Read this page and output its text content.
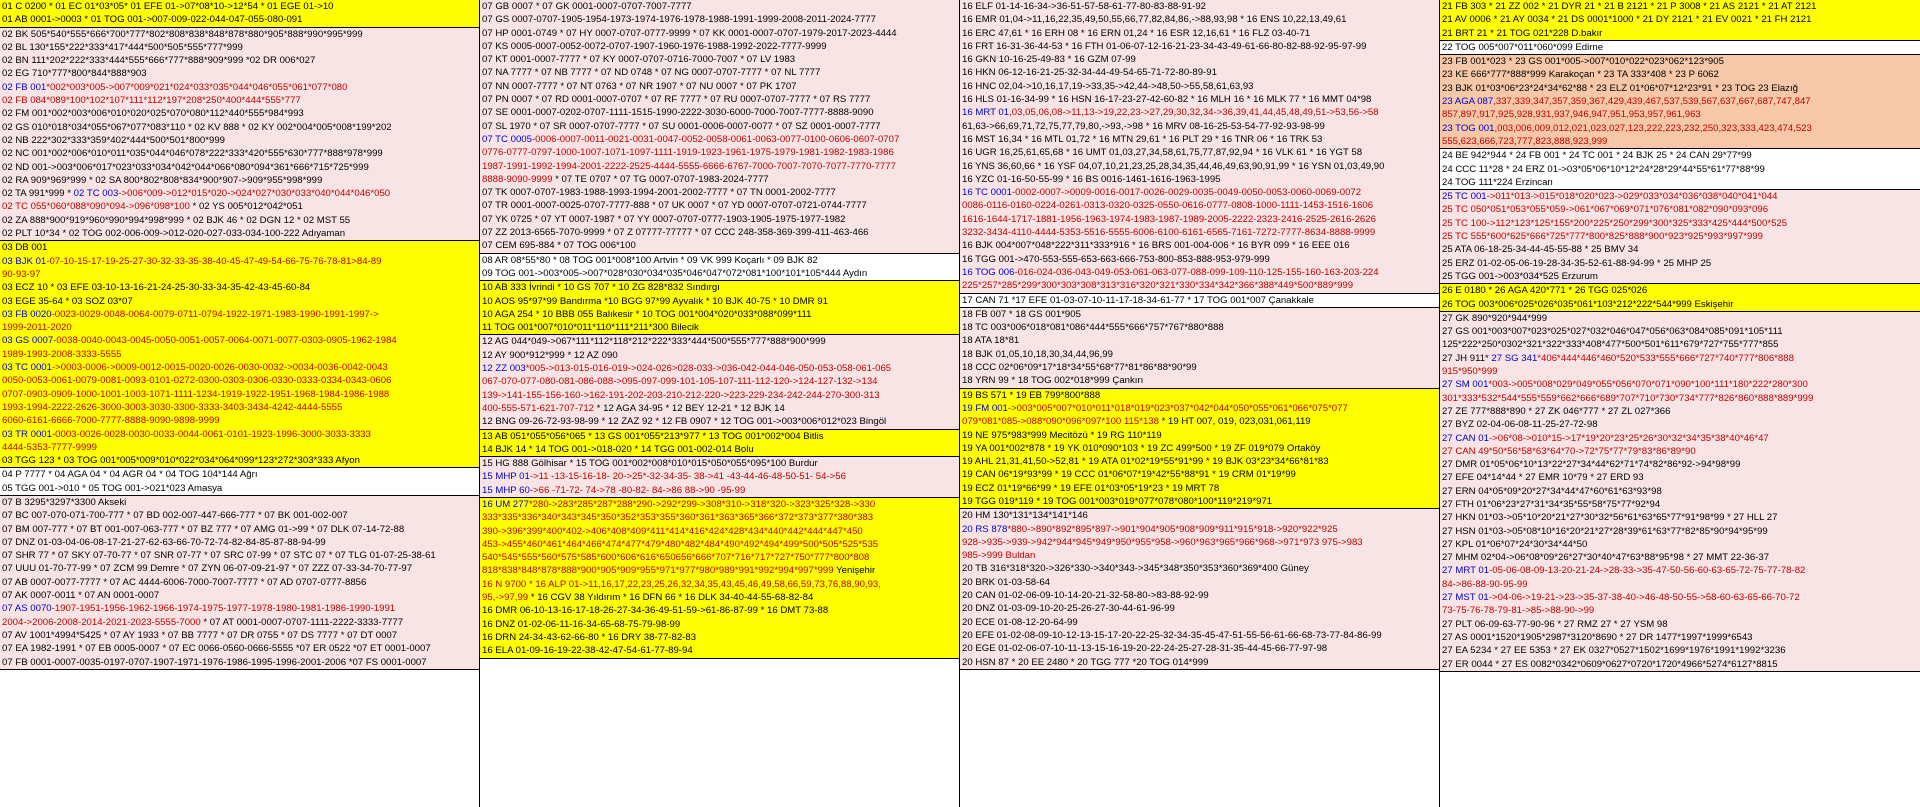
01 C 0200 * 01 EC 01*03*05* 01 EFE 01->07*08*10->12*54 * 01 EGE 01->10
01 AB 0001->0003 * 01 TOG 001->007-009-022-044-047-055-080-091
02 BK 505*540*555*666*700*777*802*808*838*848*878*880*905*888*990*995*999
02 BL 130*155*222*333*417*444*500*505*555*777*999
02 BN 111*202*222*333*444*555*666*777*888*909*999 *02 DR 006*027
02 EG 710*777*800*844*888*903
02 FB 001*002*003*005->007*009*021*024*033*035*044*046*055*061*077*080
02 FB 084*089*100*102*107*111*112*197*208*250*400*444*555*777
02 FM 001*002*003*006*010*020*025*070*080*112*440*555*984*993
02 GS 010*018*034*055*067*077*083*110 * 02 KV 888 * 02 KY 002*004*005*008*199*202
02 NB 222*302*333*359*402*444*500*501*800*999
02 NC 001*002*006*010*011*035*044*046*078*222*333*420*555*630*777*888*978*999
02 ND 001->003*006*017*023*033*034*042*044*066*080*094*361*666*715*725*999
02 RA 909*969*999 * 02 SA 800*802*808*834*900*907->909*955*998*999
02 TA 991*999 * 02 TC 003->006*009->012*015*020->024*027*030*033*040*044*046*050
02 TC 055*060*088*090*094->096*098*100 * 02 YS 005*012*042*051
02 ZA 888*900*919*960*990*994*998*999 * 02 BJK 46 * 02 DGN 12 * 02 MST 55
02 PLT 10*34 * 02 TOG 002-006-009->012-020-027-033-034-100-222 Adıyaman
03 DB 001
03 BJK 01-07-10-15-17-19-25-27-30-32-33-35-38-40-45-47-49-54-66-75-76-78-81>84-89
90-93-97
03 ECZ 10 * 03 EFE 03-10-13-16-21-24-25-30-33-34-35-42-43-45-60-84
03 EGE 35-64 * 03 SOZ 03*07
03 FB 0020-0023-0029-0048-0064-0079-0711-0794-1922-1971-1983-1990-1991-1997->
1999-2011-2020
03 GS 0007-0038-0040-0043-0045-0050-0051-0057-0064-0071-0077-0303-0905-1962-1984
1989-1993-2008-3333-5555
03 TC 0001->0003-0006->0009-0012-0015-0020-0026-0030-0032->0034-0036-0042-0043
0050-0053-0061-0079-0081-0093-0101-0272-0300-0303-0306-0330-0333-0334-0343-0606
0707-0903-0909-1000-1001-1003-1071-1111-1234-1919-1922-1951-1968-1984-1986-1988
1993-1994-2222-2626-3000-3003-3030-3300-3333-3403-3434-4242-4444-5555
6060-6161-6666-7000-7777-8888-9090-9898-9999
03 TR 0001-0003-0026-0028-0030-0033-0044-0061-0101-1923-1996-3000-3033-3333
4444-5353-7777-9999
03 TGG 123 * 03 TOG 001*005*009*010*022*034*064*099*123*272*303*333 Afyon
04 P 7777 * 04 AGA 04 * 04 AGR 04 * 04 TOG 104*144 Ağrı
05 TGG 001->010 * 05 TOG 001->021*023 Amasya
07 B 3295*3297*3300 Akseki
07 BC 007-070-071-700-777 * 07 BD 002-007-447-666-777 * 07 BK 001-002-007
07 BM 007-777 * 07 BT 001-007-063-777 * 07 BZ 777 * 07 AMG 01->99 * 07 DLK 07-14-72-88
07 DNZ 01-03-04-06-08-17-21-27-62-63-66-70-72-74-82-84-85-87-88-94-99
07 SHR 77 * 07 SKY 07-70-77 * 07 SNR 07-77 * 07 SRC 07-99 * 07 STC 07 * 07 TLG 01-07-25-38-61
07 UUU 01-70-77-99 * 07 ZCM 99 Demre * 07 ZYN 06-07-09-21-97 * 07 ZZZ 07-33-34-70-77-97
07 AB 0007-0077-7777 * 07 AC 4444-6006-7000-7007-7777 * 07 AD 0707-0777-8856
07 AK 0007-0011 * 07 AN 0001-0007
07 AS 0070-1907-1951-1956-1962-1966-1974-1975-1977-1978-1980-1981-1986-1990-1991
2004->2006-2008-2014-2021-2023-5555-7000 * 07 AT 0001-0007-0707-1111-2222-3333-7777
07 AV 1001*4994*5425 * 07 AY 1933 * 07 BB 7777 * 07 DR 0755 * 07 DS 7777 * 07 DT 0007
07 EA 1982-1991 * 07 EB 0005-0007 * 07 EC 0066-0560-0666-5555 *07 ER 0522 *07 ET 0001-0007
07 FB 0001-0007-0035-0197-0707-1907-1971-1976-1986-1995-1996-2001-2006 *07 FS 0001-0007
07 GB 0007 * 07 GK 0001-0007-0707-7007-7777
07 GS 0007-0707-1905-1954-1973-1974-1976-1978-1988-1991-1999-2008-2011-2024-7777
07 HP 0001-0749 * 07 HY 0007-0707-0777-9999 * 07 KK 0001-0007-0707-1979-2017-2023-4444
07 KS 0005-0007-0052-0072-0707-1907-1960-1976-1988-1992-2022-7777-9999
07 KT 0001-0007-7777 * 07 KY 0007-0707-0716-7000-7007 * 07 LV 1983
07 NA 7777 * 07 NB 7777 * 07 ND 0748 * 07 NG 0007-0707-7777 * 07 NL 7777
07 NN 0007-7777 * 07 NT 0763 * 07 NR 1907 * 07 NU 0007 * 07 PK 1707
07 PN 0007 * 07 RD 0001-0007-0707 * 07 RF 7777 * 07 RU 0007-0707-7777 * 07 RS 7777
07 SE 0001-0007-0202-0707-1111-1515-1990-2222-3030-6000-7000-7007-7777-8888-9090
07 SL 1970 * 07 SR 0007-0707-7777 * 07 SU 0001-0006-0007-0077 * 07 SZ 0001-0007-7777
07 TC 0005-0006-0007-0011-0021-0031-0047-0052-0058-0061-0063-0077-0100-0606-0607-0707
0776-0777-0797-1000-1007-1071-1097-1111-1919-1923-1961-1975-1979-1981-1982-1983-1986
1987-1991-1992-1994-2001-2222-2525-4444-5555-6666-6767-7000-7007-7070-7077-7770-7777
8888-9090-9999 * 07 TE 0707 * 07 TG 0007-0707-1983-2024-7777
07 TK 0007-0707-1983-1988-1993-1994-2001-2002-7777 * 07 TN 0001-2002-7777
07 TR 0001-0007-0025-0707-7777-888 * 07 UK 0007 * 07 YD 0007-0707-0721-0744-7777
07 YK 0725 * 07 YT 0007-1987 * 07 YY 0007-0707-0777-1903-1905-1975-1977-1982
07 ZZ 2013-6565-7070-9999 * 07 Z 07777-77777 * 07 CCC 248-358-369-399-411-463-466
07 CEM 695-884 * 07 TOG 006*100
08 AR 08*55*80 * 08 TOG 001*008*100 Artvin * 09 VK 999 Koçarlı * 09 BJK 82
09 TOG 001->003*005->007*028*030*034*035*046*047*072*081*100*101*105*444 Aydın
10 AB 333 İvrindi * 10 GS 707 * 10 ZG 828*832 Sındırgı
10 AOS 95*97*99 Bandırma *10 BGG 97*99 Ayvalık * 10 BJK 40-75 * 10 DMR 91
10 AGA 254 * 10 BBB 055 Balıkesir * 10 TOG 001*004*020*033*088*099*111
11 TOG 001*007*010*011*110*111*211*300 Bilecik
12 AG 044*049->067*111*112*118*212*222*333*444*500*555*777*888*900*999
12 AY 900*912*999 * 12 AZ 090
12 ZZ 003*005->013-015-016-019->024-026>028-033->036-042-044-046-050-053-058-061-065
067-070-077-080-081-086-088->095-097-099-101-105-107-111-112-120->124-127-132->134
139->141-155-156-160->162-191-202-203-210-212-220->223-229-234-242-244-270-300-313
400-555-571-621-707-712 * 12 AGA 34-95 * 12 BEY 12-21 * 12 BJK 14
12 BNG 09-26-72-93-98-99 * 12 ZAZ 92 * 12 FB 0907 * 12 TOG 001->003*006*012*023 Bingöl
13 AB 051*055*056*065 * 13 GS 001*055*213*977 * 13 TOG 001*002*004 Bitlis
14 BJK 14 * 14 TOG 001->018-020 * 14 TGG 001-002-014 Bolu
15 HG 888 Gölhisar * 15 TOG 001*002*008*010*015*050*055*095*100 Burdur
15 MHP 01->11 -13-15-16-18- 20->25*-32-34-35- 38->41 -43-44-46-48-50-51- 54->56
15 MHP 60->66 -71-72- 74->78 -80-82- 84->86 88->90 -95-99
16 UM 277*280->283*285*287*288*290->292*299->308*310->318*320->323*325*328->330
333*335*336*340*343*345*350*352*353*355*360*361*363*365*366*372*373*377*380*383
390->396*399*400*402->406*408*409*411*414*416*424*428*434*440*442*444*447*450
453->455*460*461*464*466*474*477*479*480*482*484*490*492*494*499*500*505*525*535
540*545*555*560*575*585*600*606*616*650656*666*707*716*717*727*750*777*800*808
818*838*848*878*888*900*905*909*955*971*977*980*989*991*992*994*997*999 Yenişehir
16 N 9700 * 16 ALP 01->11,16,17,22,23,25,26,32,34,35,43,45,46,49,58,66,59,73,76,88,90,93,
95,->97,99 * 16 CGV 38 Yıldırım * 16 DFN 66 * 16 DLK 34-40-44-55-68-82-84
16 DMR 06-10-13-16-17-18-26-27-34-36-49-51-59->61-86-87-99 * 16 DMT 73-88
16 DNZ 01-02-06-11-16-34-65-68-75-79-98-99
16 DRN 24-34-43-62-66-80 * 16 DRY 38-77-82-83
16 ELA 01-09-16-19-22-38-42-47-54-61-77-89-94
16 ELF 01-14-16-34->36-51-57-58-61-77-80-83-88-91-92
16 EMR 01,04->11,16,22,35,49,50,55,66,77,82,84,86,->88,93,98 * 16 ENS 10,22,13,49,61
16 ERC 47,61 * 16 ERH 08 * 16 ERN 01,24 * 16 ESR 12,16,61 * 16 FLZ 03-40-71
16 FRT 16-31-36-44-53 * 16 FTH 01-06-07-12-16-21-23-34-43-49-61-66-80-82-88-92-95-97-99
16 GKN 10-16-25-49-83 * 16 GZM 07-99
16 HKN 06-12-16-21-25-32-34-44-49-54-65-71-72-80-89-91
16 HNC 02,04->10,16,17,19->33,35->42,44->48,50->55,58,61,63,93
16 HLS 01-16-34-99 * 16 HSN 16-17-23-27-42-60-82 * 16 MLH 16 * 16 MLK 77 * 16 MMT 04*98
16 MRT 01,03,05,06,08->11,13->19,22,23->27,29,30,32,34->36,39,41,44,45,48,49,51->53,56->58
61,63->66,69,71,72,75,77,79,80,->93,->98 * 16 MRV 08-16-25-53-54-77-92-93-98-99
16 MST 16,34 * 16 MTL 01,72 * 16 MTN 29,61 * 16 PLT 29 * 16 TNR 06 * 16 TRK 53
16 UGR 16,25,61,65,68 * 16 UMT 01,03,27,34,58,61,75,77,87,92,94 * 16 VLK 61 * 16 YGT 58
16 YNS 36,60,66 * 16 YSF 04,07,10,21,23,25,28,34,35,44,46,49,63,90,91,99 * 16 YSN 01,03,49,90
16 YZC 01-16-50-55-99 * 16 BS 0016-1461-1616-1963-1995
16 TC 0001-0002-0007->0009-0016-0017-0026-0029-0035-0049-0050-0053-0060-0069-0072
0086-0116-0160-0224-0261-0313-0320-0325-0550-0616-0777-0808-1000-1111-1453-1516-1606
1616-1644-1717-1881-1956-1963-1974-1983-1987-1989-2005-2222-2323-2416-2525-2616-2626
3232-3434-4110-4444-5353-5516-5555-6006-6100-6161-6565-7161-7272-7777-8634-8888-9999
16 BJK 004*007*048*222*311*333*916 * 16 BRS 001-004-006 * 16 BYR 099 * 16 EEE 016
16 TGG 001->470-553-555-653-663-666-753-800-853-888-953-979-999
16 TOG 006-016-024-036-043-049-053-061-063-077-088-099-109-110-125-155-160-163-203-224
225*257*285*299*300*303*308*313*316*320*321*330*334*342*366*388*449*500*889*999
17 CAN 71 *17 EFE 01-03-07-10-11-17-18-34-61-77 * 17 TOG 001*007 Çanakkale
18 FB 007 * 18 GS 001*905
18 TC 003*006*018*081*086*444*555*666*757*767*880*888
18 ATA 18*81
18 BJK 01,05,10,18,30,34,44,96,99
18 CCC 02*06*09*17*18*34*55*68*77*81*86*88*90*99
18 YRN 99 * 18 TOG 002*018*999 Çankırı
19 BS 571 * 19 EB 799*800*888
19 FM 001->003*005*007*010*011*018*019*023*037*042*044*050*055*061*066*075*077
079*081*085->088*090*096*097*100 115*138 * 19 HT 007, 019, 023,031,061,119
19 NE 975*983*999 Mecitözü * 19 RG 110*119
19 YA 001*002*878 * 19 YK 010*090*103 * 19 ZC 499*500 * 19 ZF 019*079 Ortaköy
19 AHL 21,31,41,50->52,81 * 19 ATA 01*02*19*55*91*99 * 19 BJK 03*23*34*66*81*83
19 CAN 06*19*93*99 * 19 CCC 01*06*07*19*42*55*88*91 * 19 CRM 01*19*99
19 ECZ 01*19*66*99 * 19 EFE 01*03*05*19*23 * 19 MRT 78
19 TGG 019*119 * 19 TOG 001*003*019*077*078*080*100*119*219*971
20 HM 130*131*134*141*146
20 RS 878*880->890*892*895*897->901*904*905*908*909*911*915*918->920*922*925
928->935->939->942*944*945*949*950*955*958->960*963*965*966*968->971*973 975->983
985->999 Buldan
20 TB 316*318*320->326*330->340*343->345*348*350*353*360*369*400 Güney
20 BRK 01-03-58-64
20 CAN 01-02-06-09-10-14-20-21-32-58-80->83-88-92-99
20 DNZ 01-03-09-10-20-25-26-27-30-44-61-96-99
20 ECE 01-08-12-20-64-99
20 EFE 01-02-08-09-10-12-13-15-17-20-22-25-32-34-35-45-47-51-55-56-61-66-68-73-77-84-86-99
20 EGE 01-02-06-07-10-11-13-15-16-19-20-22-24-25-27-28-31-35-44-45-66-77-97-98
20 HSN 87 * 20 EE 2480 * 20 TGG 777 *20 TOG 014*999
21 FB 303 * 21 ZZ 002 * 21 DYR 21 * 21 B 2121 * 21 P 3008 * 21 AS 2121 * 21 AT 2121
21 AV 0006 * 21 AY 0034 * 21 DS 0001*1000 * 21 DY 2121 * 21 EV 0021 * 21 FH 2121
21 BRT 21 * 21 TOG 021*228 D.bakır
22 TOG 005*007*011*060*099 Edirne
23 FB 001*023 * 23 GS 001*005->007*010*022*023*062*123*905
23 KE 666*777*888*999 Karakoçan * 23 TA 333*408 * 23 P 6062
23 BJK 01*03*06*23*24*34*62*88 * 23 ELZ 01*06*07*12*23*91 * 23 TOG 23 Elazığ
23 AGA 087,337,339,347,357,359,367,429,439,467,537,539,567,637,667,687,747,847
857,897,917,925,928,931,937,946,947,951,953,957,961,963
23 TOG 001,003,006,009,012,021,023,027,123,222,223,232,250,323,333,423,474,523
555,623,666,723,777,823,888,923,999
24 BE 942*944 * 24 FB 001 * 24 TC 001 * 24 BJK 25 * 24 CAN 29*77*99
24 CCC 11*28 * 24 ERZ 01->03*05*06*10*12*24*28*29*44*55*61*77*88*99
24 TOG 111*224 Erzincan
25 TC 001->011*013->015*018*020*023->029*033*034*036*038*040*041*044
25 TC 050*051*053*055*059->061*067*069*071*076*081*082*090*093*096
25 TC 100->112*123*125*155*200*225*250*299*300*325*333*425*444*500*525
25 TC 555*600*625*666*725*777*800*825*888*900*923*925*993*997*999
25 ATA 06-18-25-34-44-45-55-88 * 25 BMV 34
25 ERZ 01-02-05-06-19-28-34-35-52-61-88-94-99 * 25 MHP 25
25 TGG 001->003*034*525 Erzurum
26 E 0180 * 26 AGA 420*771 * 26 TGG 025*026
26 TOG 003*006*025*026*035*061*103*212*222*544*999 Eskişehir
27 GK 890*920*944*999
27 GS 001*003*007*023*025*027*032*046*047*056*063*084*085*091*105*111
125*222*250*0302*321*322*333*408*477*500*501*611*679*727*755*777*855
27 JH 911* 27 SG 341*406*444*446*460*520*533*555*666*727*740*777*806*888
915*950*999
27 SM 001*003->005*008*029*049*055*056*070*071*090*100*111*180*222*280*300
301*333*532*544*555*559*662*666*689*707*710*730*734*777*826*860*888*889*999
27 ZE 777*888*890 * 27 ZK 046*777 * 27 ZL 027*366
27 BYZ 02-04-06-08-11-25-27-72-98
27 CAN 01->06*08->010*15->17*19*20*23*25*26*30*32*34*35*38*40*46*47
27 CAN 49*50*56*58*63*64*70->72*75*77*79*83*86*89*90
27 DMR 01*05*06*10*13*22*27*34*44*62*71*74*82*86*92->94*98*99
27 EFE 04*14*44 * 27 EMR 10*79 * 27 ERD 93
27 ERN 04*05*09*20*27*34*44*47*60*61*63*93*98
27 FTH 01*06*23*27*31*34*35*55*58*75*77*92*94
27 HKN 01*03->05*10*20*21*27*30*32*56*61*63*65*77*91*98*99 * 27 HLL 27
27 HSN 01*03->05*08*10*16*20*21*27*28*39*61*63*77*82*85*90*94*95*99
27 KPL 01*06*07*24*30*34*44*50
27 MHM 02*04->06*08*09*26*27*30*40*47*63*88*95*98 * 27 MMT 22-36-37
27 MRT 01-05-06-08-09-13-20-21-24->28-33->35-47-50-56-60-63-65-72-75-77-78-82
84->86-88-90-95-99
27 MST 01->04-06->19-21->23->35-37-38-40->46-48-50-55->58-60-63-65-66-70-72
73-75-76-78-79-81->85->88-90->99
27 PLT 06-09-63-77-90-96 * 27 RMZ 27 * 27 YSM 98
27 AS 0001*1520*1905*2987*3120*8690 * 27 DR 1477*1997*1999*6543
27 EA 5234 * 27 EE 5353 * 27 EK 0327*0527*1502*1699*1976*1991*1992*3236
27 ER 0044 * 27 ES 0082*0342*0609*0627*0720*1720*4966*5274*6127*8815
